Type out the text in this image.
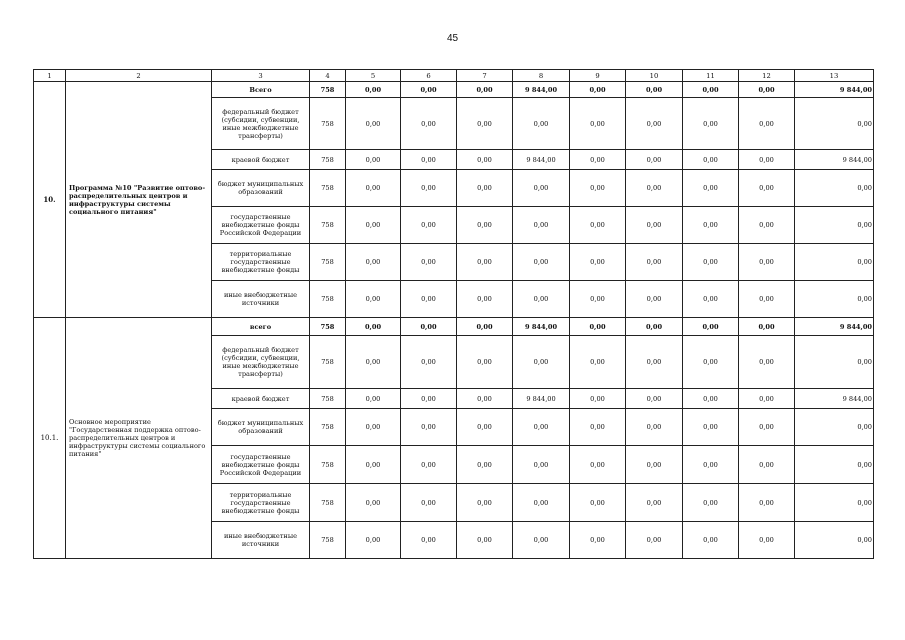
45
1	2	3	4	5	6	7	8	9	10	11	12	13
10.	Программа №10 "Развитие оптово-распределительных центров и инфраструктуры системы социального питания"	Всего	758	0,00	0,00	0,00	9 844,00	0,00	0,00	0,00	0,00	9 844,00
		федеральный бюджет (субсидии, субвенции, иные межбюджетные трансферты)	758	0,00	0,00	0,00	0,00	0,00	0,00	0,00	0,00	0,00
		краевой бюджет	758	0,00	0,00	0,00	9 844,00	0,00	0,00	0,00	0,00	9 844,00
		бюджет муниципальных образований	758	0,00	0,00	0,00	0,00	0,00	0,00	0,00	0,00	0,00
		государственные внебюджетные фонды Российской Федерации	758	0,00	0,00	0,00	0,00	0,00	0,00	0,00	0,00	0,00
		территориальные государственные внебюджетные фонды	758	0,00	0,00	0,00	0,00	0,00	0,00	0,00	0,00	0,00
		иные внебюджетные источники	758	0,00	0,00	0,00	0,00	0,00	0,00	0,00	0,00	0,00
10.1.	Основное мероприятие "Государственная поддержка оптово-распределительных центров и инфраструктуры системы социального питания"	всего	758	0,00	0,00	0,00	9 844,00	0,00	0,00	0,00	0,00	9 844,00
		федеральный бюджет (субсидии, субвенции, иные межбюджетные трансферты)	758	0,00	0,00	0,00	0,00	0,00	0,00	0,00	0,00	0,00
		краевой бюджет	758	0,00	0,00	0,00	9 844,00	0,00	0,00	0,00	0,00	9 844,00
		бюджет муниципальных образований	758	0,00	0,00	0,00	0,00	0,00	0,00	0,00	0,00	0,00
		государственные внебюджетные фонды Российской Федерации	758	0,00	0,00	0,00	0,00	0,00	0,00	0,00	0,00	0,00
		территориальные государственные внебюджетные фонды	758	0,00	0,00	0,00	0,00	0,00	0,00	0,00	0,00	0,00
		иные внебюджетные источники	758	0,00	0,00	0,00	0,00	0,00	0,00	0,00	0,00	0,00
